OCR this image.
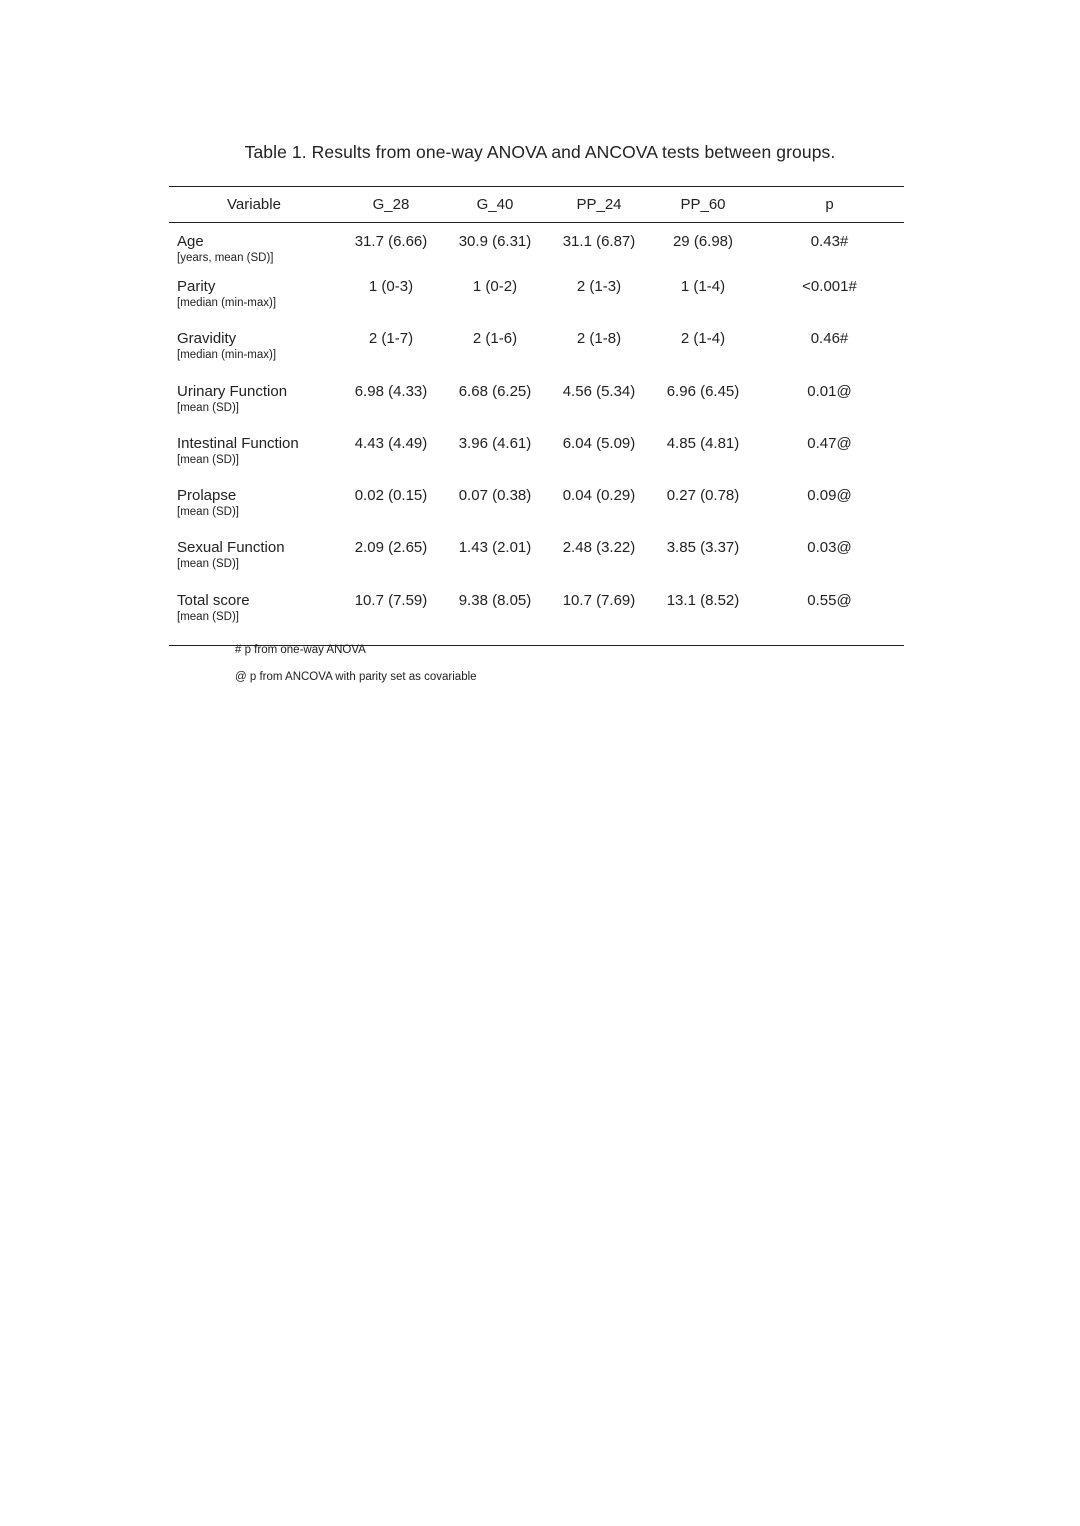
Table 1. Results from one-way ANOVA and ANCOVA tests between groups.
Variable	G_28	G_40	PP_24	PP_60	p

Age
[years, mean (SD)]	31.7 (6.66)	30.9 (6.31)	31.1 (6.87)	29 (6.98)	0.43#

Parity
[median (min-max)]	1 (0-3)	1 (0-2)	2 (1-3)	1 (1-4)	<0.001#

Gravidity
[median (min-max)]	2 (1-7)	2 (1-6)	2 (1-8)	2 (1-4)	0.46#

Urinary Function
[mean (SD)]	6.98 (4.33)	6.68 (6.25)	4.56 (5.34)	6.96 (6.45)	0.01@

Intestinal Function
[mean (SD)]	4.43 (4.49)	3.96 (4.61)	6.04 (5.09)	4.85 (4.81)	0.47@

Prolapse
[mean (SD)]	0.02 (0.15)	0.07 (0.38)	0.04 (0.29)	0.27 (0.78)	0.09@

Sexual Function
[mean (SD)]	2.09 (2.65)	1.43 (2.01)	2.48 (3.22)	3.85 (3.37)	0.03@

Total score
[mean (SD)]	10.7 (7.59)	9.38 (8.05)	10.7 (7.69)	13.1 (8.52)	0.55@
# p from one-way ANOVA
@ p from ANCOVA with parity set as covariable
